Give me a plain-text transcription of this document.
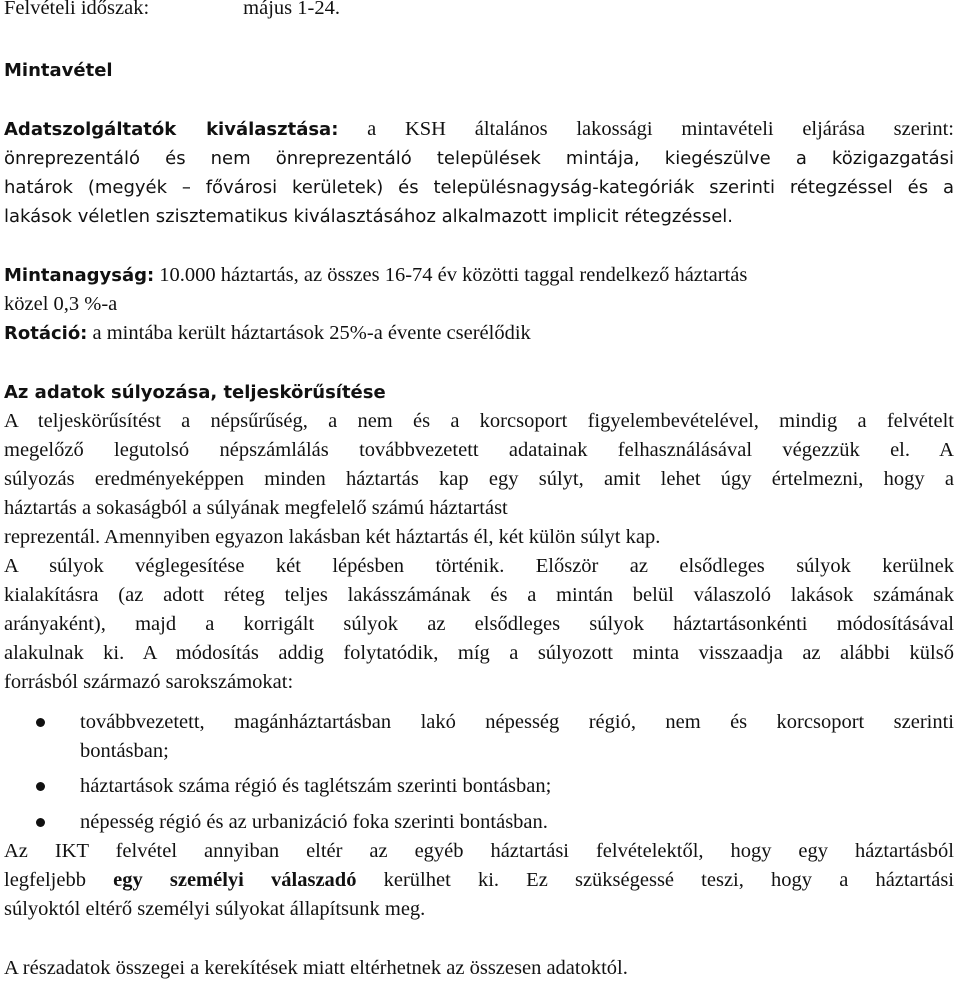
Felvételi időszak:	május 1-24.
Mintavétel
Adatszolgáltatók kiválasztása: a KSH általános lakossági mintavételi eljárása szerint:
önreprezentáló és nem önreprezentáló települések mintája, kiegészülve a közigazgatási
határok (megyék – fővárosi kerületek) és településnagyság-kategóriák szerinti rétegzéssel és a
lakások véletlen szisztematikus kiválasztásához alkalmazott implicit rétegzéssel.
Mintanagyság: 10.000 háztartás, az összes 16-74 év közötti taggal rendelkező háztartás
közel 0,3 %-a
Rotáció: a mintába került háztartások 25%-a évente cserélődik
Az adatok súlyozása, teljeskörűsítése
A teljeskörűsítést a népsűrűség, a nem és a korcsoport figyelembevételével, mindig a felvételt
megelőző legutolsó népszámlálás továbbvezetett adatainak felhasználásával végezzük el. A
súlyozás eredményeképpen minden háztartás kap egy súlyt, amit lehet úgy értelmezni, hogy a
háztartás a sokaságból a súlyának megfelelő számú háztartást
reprezentál. Amennyiben egyazon lakásban két háztartás él, két külön súlyt kap.
A súlyok véglegesítése két lépésben történik. Először az elsődleges súlyok kerülnek
kialakításra (az adott réteg teljes lakásszámának és a mintán belül válaszoló lakások számának
arányaként), majd a korrigált súlyok az elsődleges súlyok háztartásonkénti módosításával
alakulnak ki. A módosítás addig folytatódik, míg a súlyozott minta visszaadja az alábbi külső
forrásból származó sarokszámokat:
továbbvezetett, magánháztartásban lakó népesség régió, nem és korcsoport szerinti
bontásban;
háztartások száma régió és taglétszám szerinti bontásban;
népesség régió és az urbanizáció foka szerinti bontásban.
Az IKT felvétel annyiban eltér az egyéb háztartási felvételektől, hogy egy háztartásból
legfeljebb egy személyi válaszadó kerülhet ki. Ez szükségessé teszi, hogy a háztartási
súlyoktól eltérő személyi súlyokat állapítsunk meg.
A részadatok összegei a kerekítések miatt eltérhetnek az összesen adatoktól.
